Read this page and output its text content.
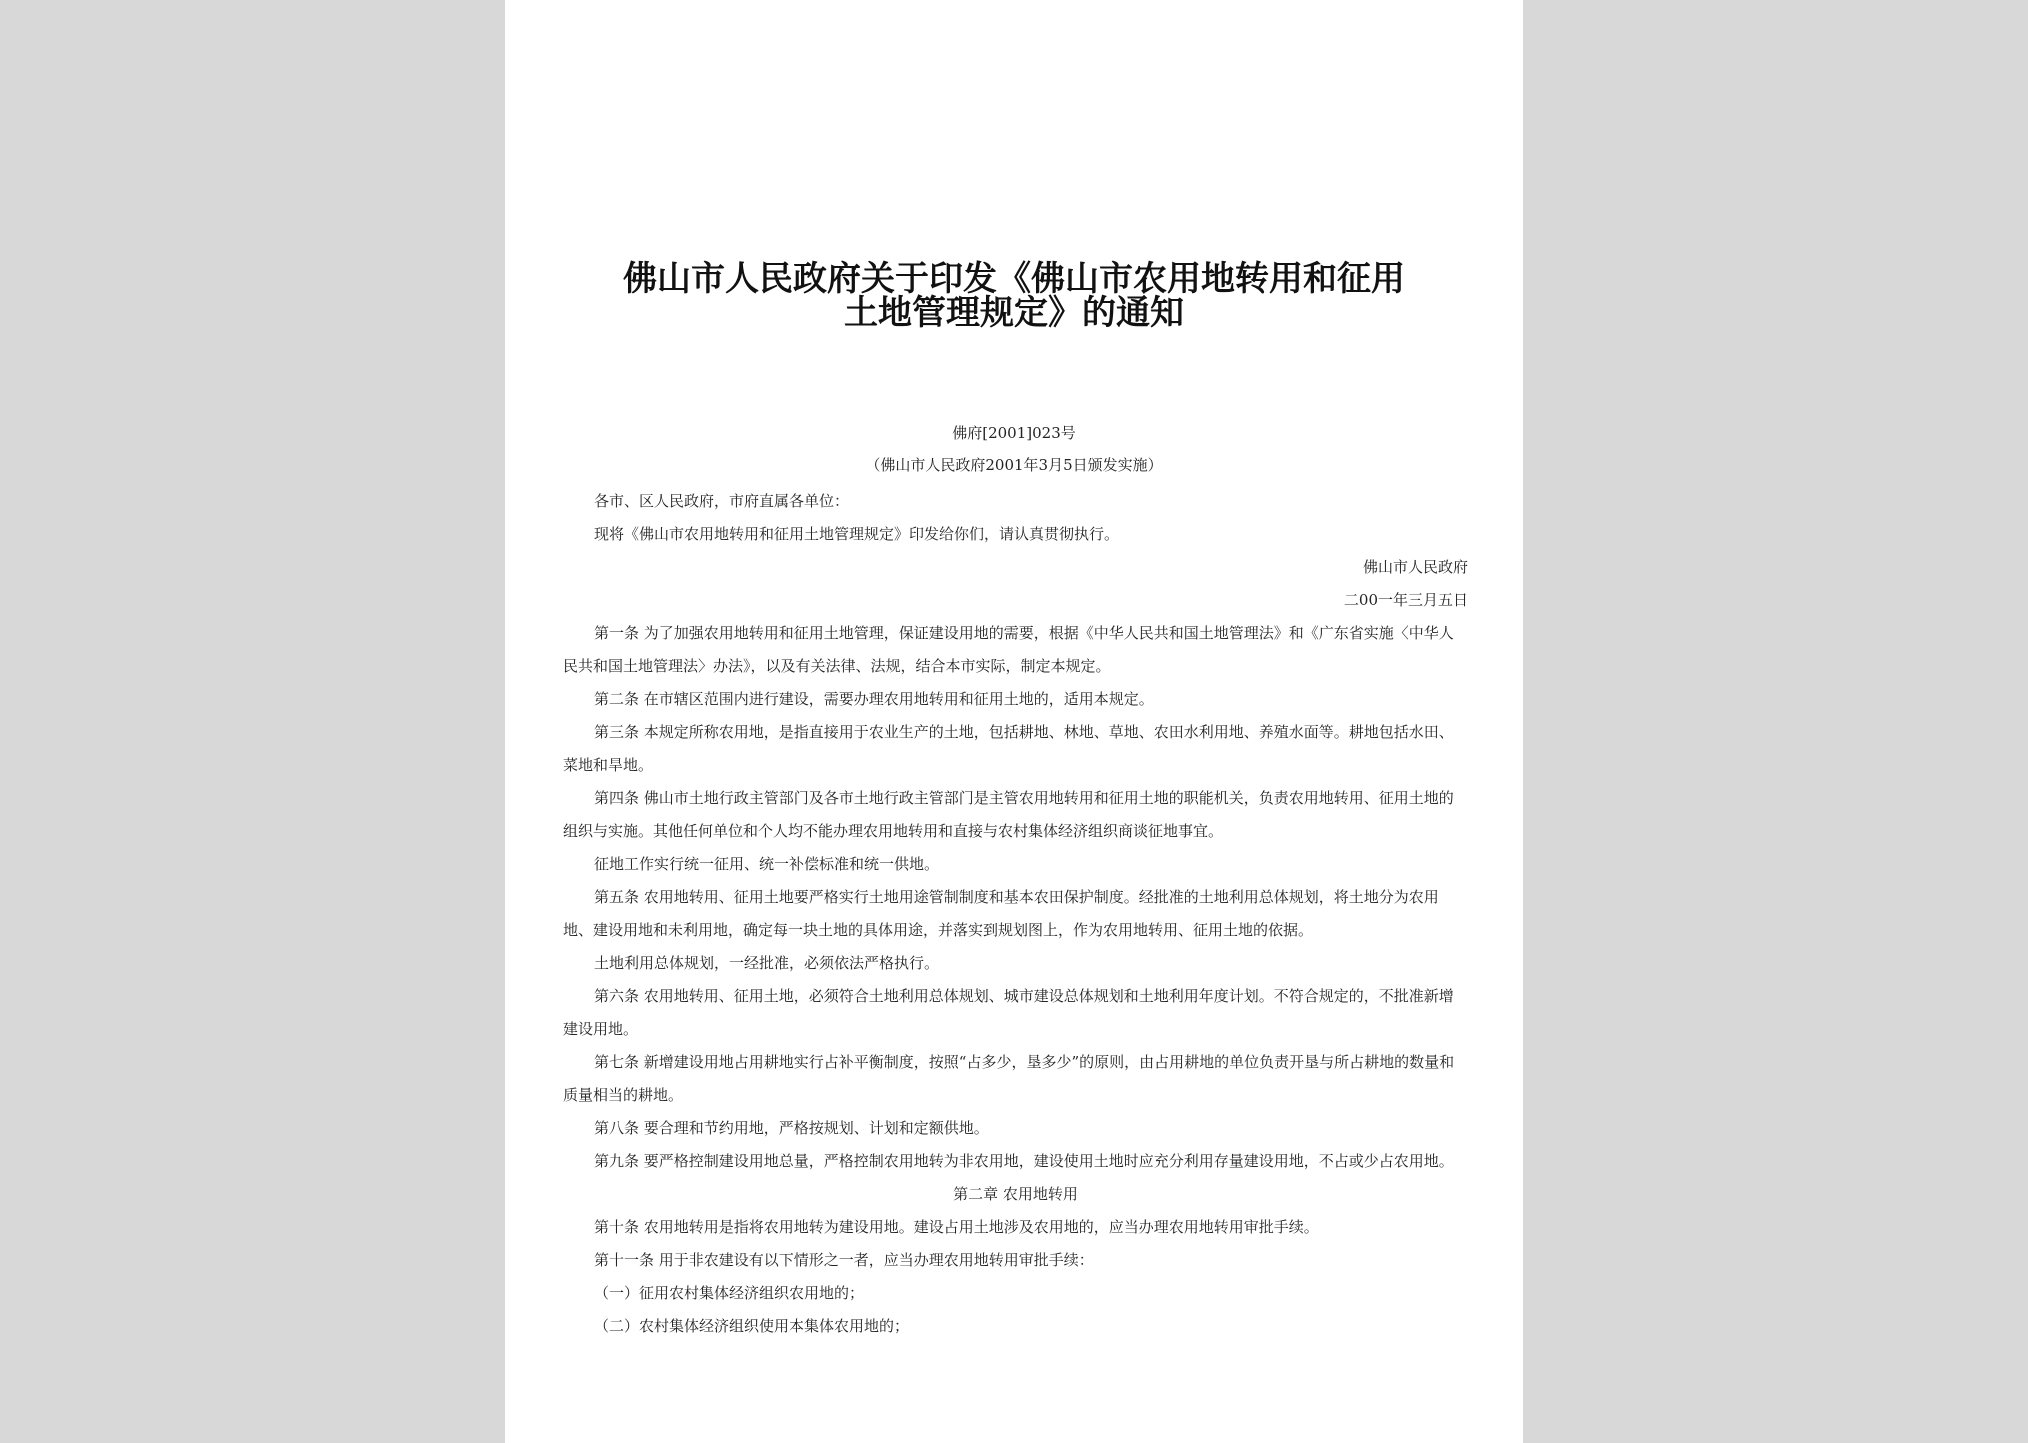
佛山市人民政府关于印发《佛山市农用地转用和征用
土地管理规定》的通知
佛府[2001]023号
（佛山市人民政府2001年3月5日颁发实施）

各市、区人民政府，市府直属各单位：

现将《佛山市农用地转用和征用土地管理规定》印发给你们，请认真贯彻执行。

佛山市人民政府

二00一年三月五日

第一条 为了加强农用地转用和征用土地管理，保证建设用地的需要，根据《中华人民共和国土地管理法》和《广东省实施〈中华人民共和国土地管理法〉办法》，以及有关法律、法规，结合本市实际，制定本规定。

第二条 在市辖区范围内进行建设，需要办理农用地转用和征用土地的，适用本规定。

第三条 本规定所称农用地，是指直接用于农业生产的土地，包括耕地、林地、草地、农田水利用地、养殖水面等。耕地包括水田、菜地和旱地。

第四条 佛山市土地行政主管部门及各市土地行政主管部门是主管农用地转用和征用土地的职能机关，负责农用地转用、征用土地的组织与实施。其他任何单位和个人均不能办理农用地转用和直接与农村集体经济组织商谈征地事宜。

征地工作实行统一征用、统一补偿标准和统一供地。

第五条 农用地转用、征用土地要严格实行土地用途管制制度和基本农田保护制度。经批准的土地利用总体规划，将土地分为农用地、建设用地和未利用地，确定每一块土地的具体用途，并落实到规划图上，作为农用地转用、征用土地的依据。

土地利用总体规划，一经批准，必须依法严格执行。

第六条 农用地转用、征用土地，必须符合土地利用总体规划、城市建设总体规划和土地利用年度计划。不符合规定的，不批准新增建设用地。

第七条 新增建设用地占用耕地实行占补平衡制度，按照“占多少，垦多少”的原则，由占用耕地的单位负责开垦与所占耕地的数量和质量相当的耕地。

第八条 要合理和节约用地，严格按规划、计划和定额供地。

第九条 要严格控制建设用地总量，严格控制农用地转为非农用地，建设使用土地时应充分利用存量建设用地，不占或少占农用地。

第二章 农用地转用

第十条 农用地转用是指将农用地转为建设用地。建设占用土地涉及农用地的，应当办理农用地转用审批手续。

第十一条 用于非农建设有以下情形之一者，应当办理农用地转用审批手续：

（一）征用农村集体经济组织农用地的；

（二）农村集体经济组织使用本集体农用地的；
